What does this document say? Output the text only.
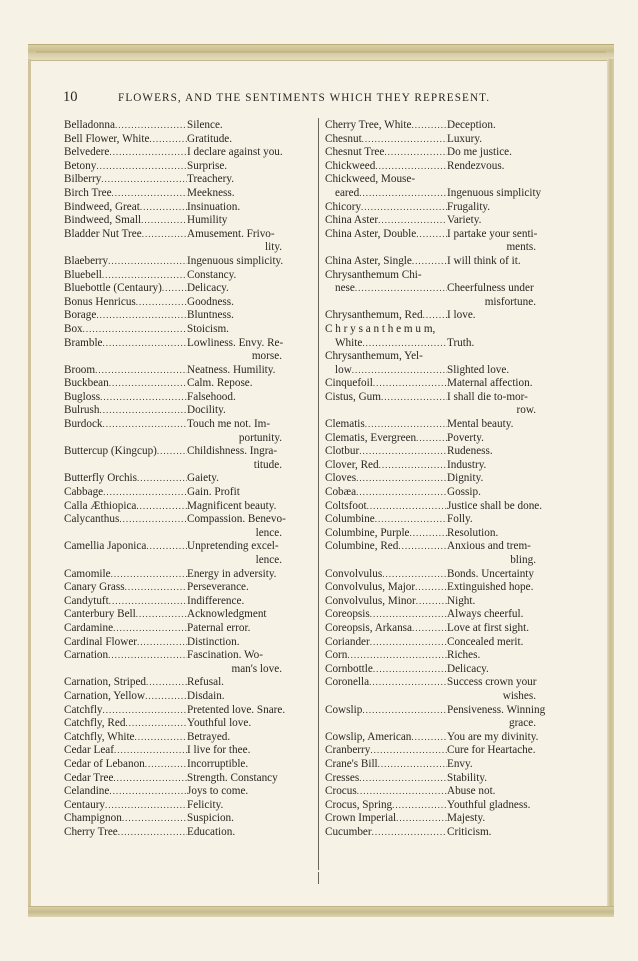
10	FLOWERS, AND THE SENTIMENTS WHICH THEY REPRESENT.
Belladonna .....	Silence.
Bell Flower, White .....	Gratitude.
Belvedere .....	I declare against you.
Betony .....	Surprise.
Bilberry .....	Treachery.
Birch Tree .....	Meekness.
Bindweed, Great .....	Insinuation.
Bindweed, Small .....	Humility
Bladder Nut Tree .....	Amusement. Frivo-
lity.
Blaeberry .....	Ingenuous simplicity.
Bluebell .....	Constancy.
Bluebottle (Centaury) ..... Delicacy.
Bonus Henricus .....	Goodness.
Borage .....	Bluntness.
Box .....	Stoicism.
Bramble .....	Lowliness. Envy. Re-
morse.
Broom .....	Neatness. Humility.
Buckbean .....	Calm. Repose.
Bugloss .....	Falsehood.
Bulrush .....	Docility.
Burdock .....	Touch me not. Im-
portunity.
Buttercup (Kingcup) .....	Childishness. Ingra-
titude.
Butterfly Orchis .....	Gaiety.
Cabbage .....	Gain. Profit
Calla Æthiopica .....	Magnificent beauty.
Calycanthus .....	Compassion. Benevo-
lence.
Camellia Japonica .....	Unpretending excel-
lence.
Camomile .....	Energy in adversity.
Canary Grass .....	Perseverance.
Candytuft .....	Indifference.
Canterbury Bell .....	Acknowledgment
Cardamine .....	Paternal error.
Cardinal Flower .....	Distinction.
Carnation .....	Fascination. Wo-
man's love.
Carnation, Striped .....	Refusal.
Carnation, Yellow .....	Disdain.
Catchfly .....	Pretented love. Snare.
Catchfly, Red .....	Youthful love.
Catchfly, White .....	Betrayed.
Cedar Leaf .....	I live for thee.
Cedar of Lebanon .....	Incorruptible.
Cedar Tree .....	Strength. Constancy
Celandine .....	Joys to come.
Centaury .....	Felicity.
Champignon .....	Suspicion.
Cherry Tree .....	Education.
Cherry Tree, White .....	Deception.
Chesnut .....	Luxury.
Chesnut Tree .....	Do me justice.
Chickweed .....	Rendezvous.
Chickweed, Mouse-
eared .....	Ingenuous simplicity
Chicory .....	Frugality.
China Aster .....	Variety.
China Aster, Double .....	I partake your senti-
ments.
China Aster, Single .....	I will think of it.
Chrysanthemum Chi-
nese .....	Cheerfulness under
misfortune.
Chrysanthemum, Red ..... I love.
C h r y s a n t h e m u m,
White .....	Truth.
Chrysanthemum, Yel-
low .....	Slighted love.
Cinquefoil .....	Maternal affection.
Cistus, Gum .....	I shall die to-mor-
row.
Clematis .....	Mental beauty.
Clematis, Evergreen .....	Poverty.
Clotbur .....	Rudeness.
Clover, Red .....	Industry.
Cloves .....	Dignity.
Cobæa .....	Gossip.
Coltsfoot .....	Justice shall be done.
Columbine .....	Folly.
Columbine, Purple .....	Resolution.
Columbine, Red .....	Anxious and trem-
bling.
Convolvulus .....	Bonds. Uncertainty
Convolvulus, Major .....	Extinguished hope.
Convolvulus, Minor .....	Night.
Coreopsis .....	Always cheerful.
Coreopsis, Arkansa .....	Love at first sight.
Coriander .....	Concealed merit.
Corn .....	Riches.
Cornbottle .....	Delicacy.
Coronella .....	Success crown your
wishes.
Cowslip .....	Pensiveness. Winning
grace.
Cowslip, American .....	You are my divinity.
Cranberry .....	Cure for Heartache.
Crane's Bill .....	Envy.
Cresses .....	Stability.
Crocus .....	Abuse not.
Crocus, Spring .....	Youthful gladness.
Crown Imperial .....	Majesty.
Cucumber .....	Criticism.
